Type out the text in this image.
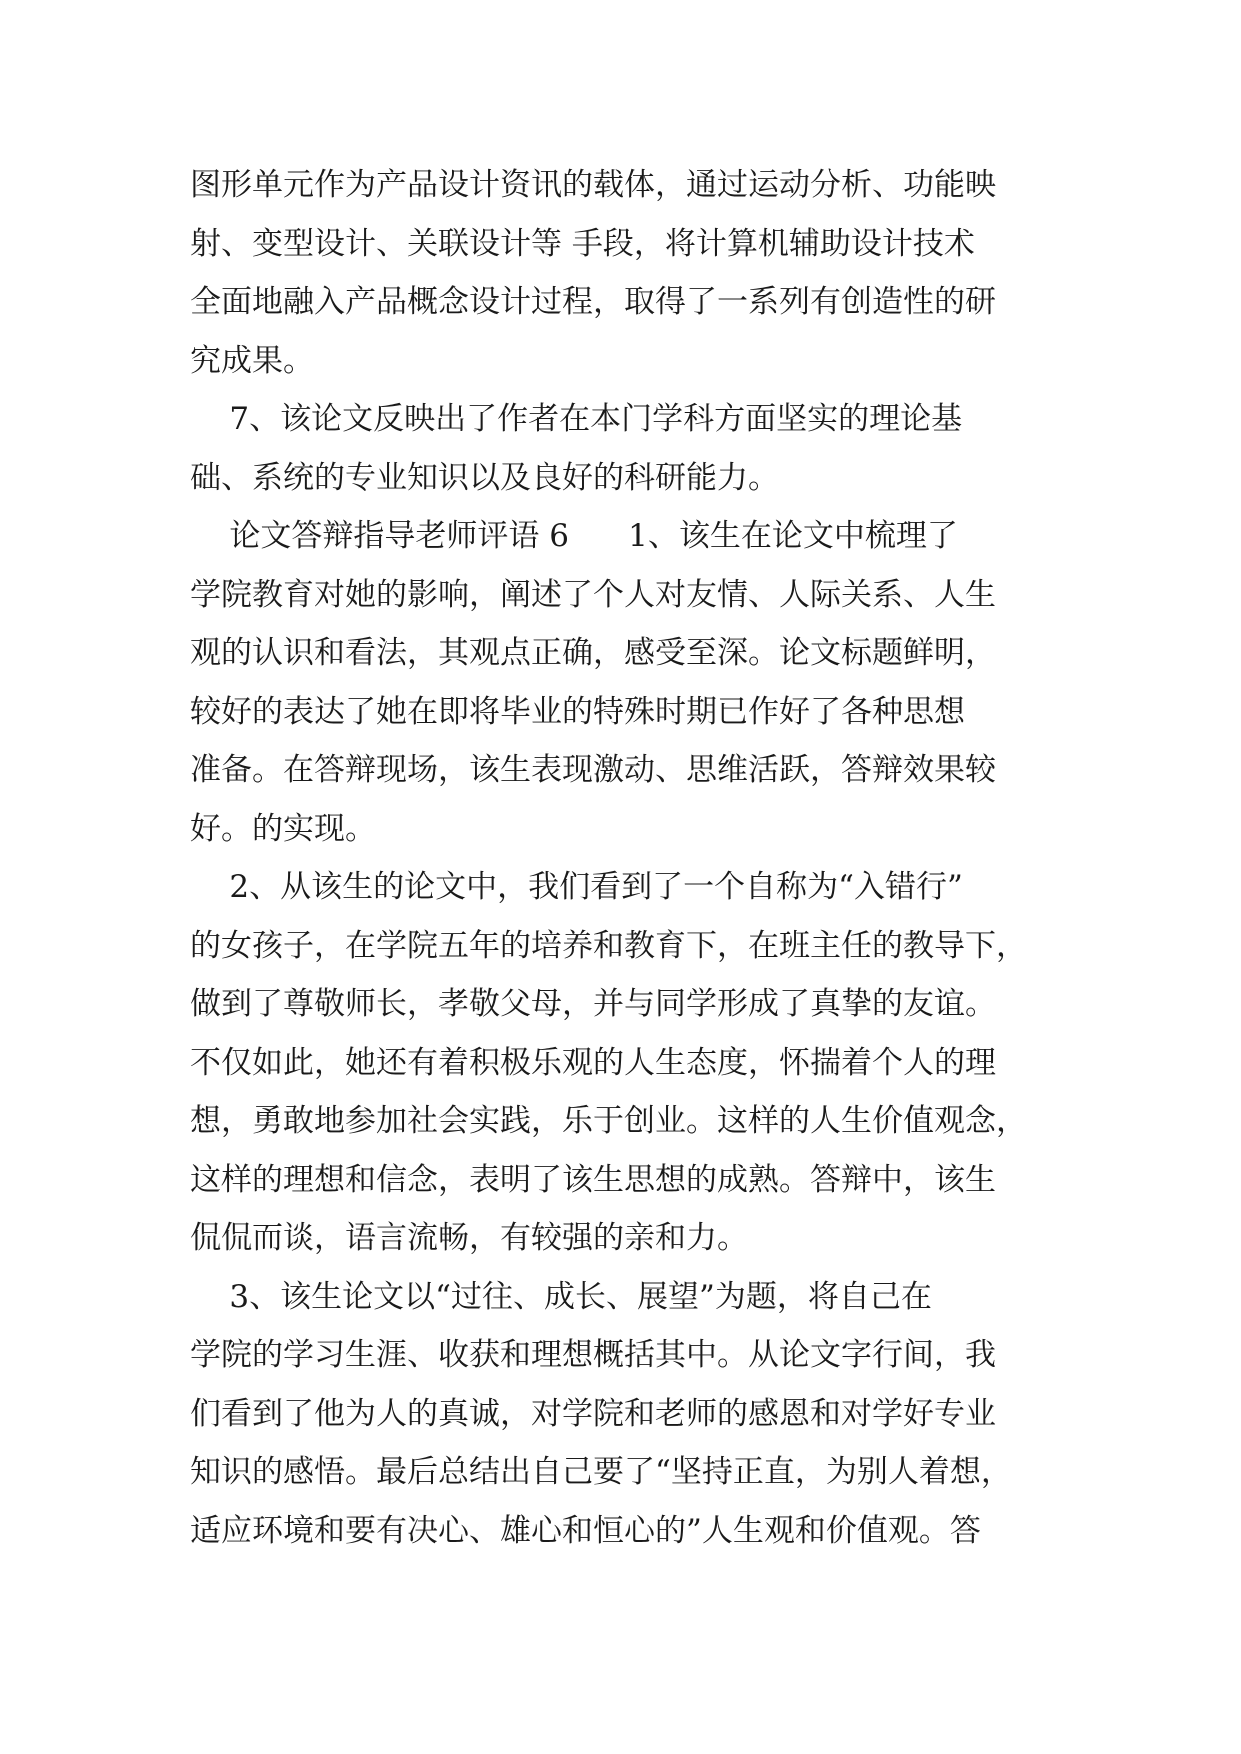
图形单元作为产品设计资讯的载体，通过运动分析、功能映
射、变型设计、关联设计等 手段，将计算机辅助设计技术
全面地融入产品概念设计过程，取得了一系列有创造性的研
究成果。
7、该论文反映出了作者在本门学科方面坚实的理论基
础、系统的专业知识以及良好的科研能力。
论文答辩指导老师评语 6      1、该生在论文中梳理了
学院教育对她的影响，阐述了个人对友情、人际关系、人生
观的认识和看法，其观点正确，感受至深。论文标题鲜明，
较好的表达了她在即将毕业的特殊时期已作好了各种思想
准备。在答辩现场，该生表现激动、思维活跃，答辩效果较
好。的实现。
2、从该生的论文中，我们看到了一个自称为“入错行”
的女孩子，在学院五年的培养和教育下，在班主任的教导下，
做到了尊敬师长，孝敬父母，并与同学形成了真挚的友谊。
不仅如此，她还有着积极乐观的人生态度，怀揣着个人的理
想，勇敢地参加社会实践，乐于创业。这样的人生价值观念，
这样的理想和信念，表明了该生思想的成熟。答辩中，该生
侃侃而谈，语言流畅，有较强的亲和力。
3、该生论文以“过往、成长、展望”为题，将自己在
学院的学习生涯、收获和理想概括其中。从论文字行间，我
们看到了他为人的真诚，对学院和老师的感恩和对学好专业
知识的感悟。最后总结出自己要了“坚持正直，为别人着想，
适应环境和要有决心、雄心和恒心的”人生观和价值观。答
